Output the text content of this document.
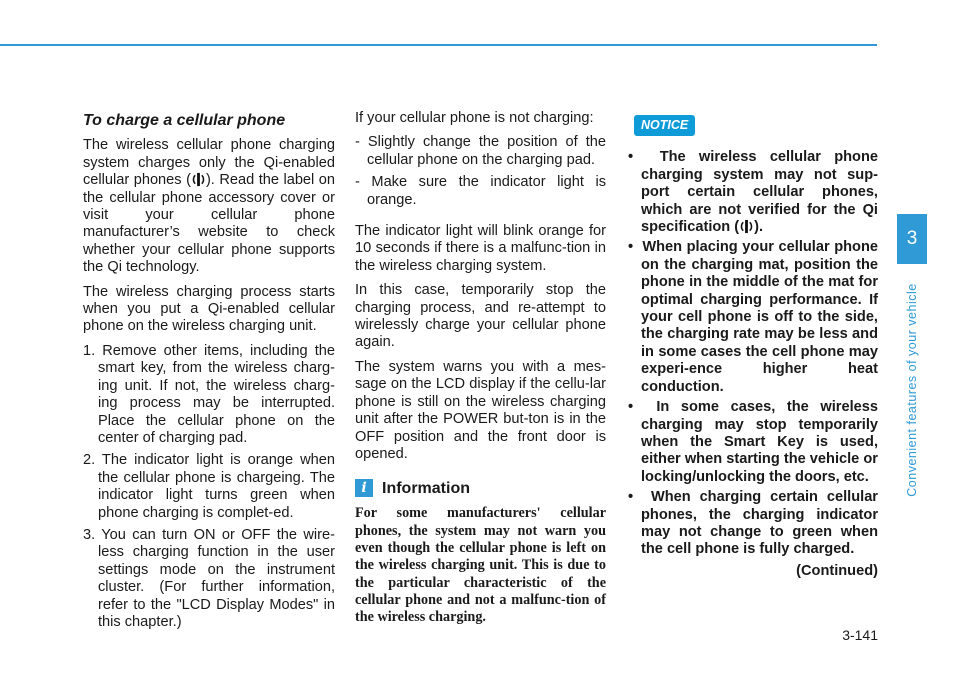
To charge a cellular phone

The wireless cellular phone charging system charges only the Qi-enabled cellular phones ( ). Read the label on the cellular phone accessory cover or visit your cellular phone manufacturer’s website to check whether your cellular phone supports the Qi technology.

The wireless charging process starts when you put a Qi-enabled cellular phone on the wireless charging unit.

1. Remove other items, including the smart key, from the wireless charg-ing unit. If not, the wireless charg-ing process may be interrupted. Place the cellular phone on the center of charging pad.
2. The indicator light is orange when the cellular phone is chargeing. The indicator light turns green when phone charging is complet-ed.
3. You can turn ON or OFF the wire-less charging function in the user settings mode on the instrument cluster. (For further information, refer to the "LCD Display Modes" in this chapter.)

If your cellular phone is not charging:

- Slightly change the position of the cellular phone on the charging pad.
- Make sure the indicator light is orange.

The indicator light will blink orange for 10 seconds if there is a malfunc-tion in the wireless charging system.

In this case, temporarily stop the charging process, and re-attempt to wirelessly charge your cellular phone again.

The system warns you with a mes-sage on the LCD display if the cellu-lar phone is still on the wireless charging unit after the POWER but-ton is in the OFF position and the front door is opened.

i Information

For some manufacturers' cellular phones, the system may not warn you even though the cellular phone is left on the wireless charging unit. This is due to the particular characteristic of the cellular phone and not a malfunc-tion of the wireless charging.

NOTICE
•  The wireless cellular phone charging system may not sup-port certain cellular phones, which are not verified for the Qi specification ( ).
•  When placing your cellular phone on the charging mat, position the phone in the middle of the mat for optimal charging performance. If your cell phone is off to the side, the charging rate may be less and in some cases the cell phone may experi-ence higher heat conduction.
•  In some cases, the wireless charging may stop temporarily when the Smart Key is used, either when starting the vehicle or locking/unlocking the doors, etc.
•  When charging certain cellular phones, the charging indicator may not change to green when the cell phone is fully charged.
(Continued)
3
Convenient features of your vehicle
3-141
